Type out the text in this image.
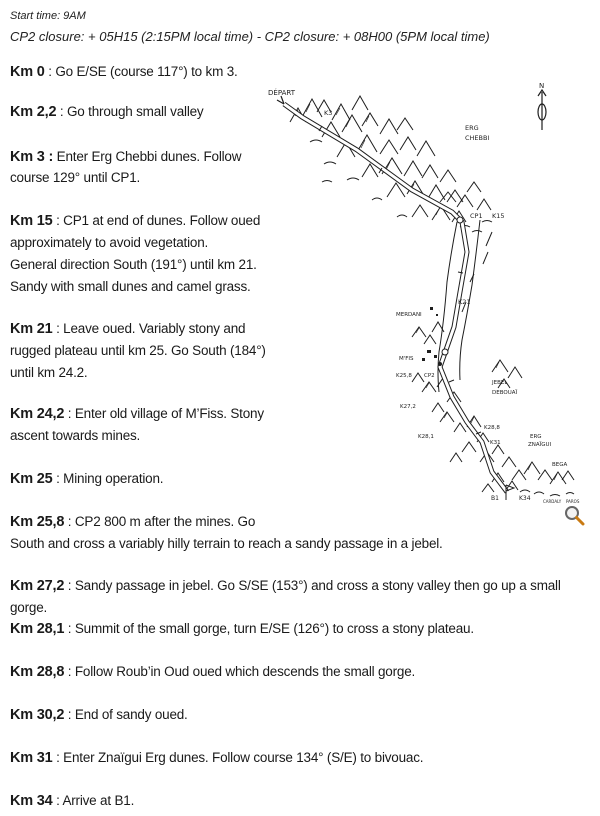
Start time: 9AM
CP2 closure: + 05H15 (2:15PM local time) - CP2 closure: + 08H00 (5PM local time)
Km 0 : Go E/SE (course 117°) to km 3.
Km 2,2 : Go through small valley
Km 3 : Enter Erg Chebbi dunes. Follow
course 129° until CP1.
Km 15 : CP1 at end of dunes. Follow oued
approximately to avoid vegetation.
General direction South (191°) until km 21.
Sandy with small dunes and camel grass.
Km 21 : Leave oued. Variably stony and
rugged plateau until km 25. Go South (184°)
until km 24.2.
Km 24,2 : Enter old village of M’Fiss. Stony
ascent towards mines.
Km 25 : Mining operation.
Km 25,8 : CP2 800 m after the mines. Go
South and cross a variably hilly terrain to reach a sandy passage in a jebel.
Km 27,2 : Sandy passage in jebel. Go S/SE (153°) and cross a stony valley then go up a small gorge.
Km 28,1 : Summit of the small gorge, turn E/SE (126°) to cross a stony plateau.
Km 28,8 : Follow Roub’in Oud oued which descends the small gorge.
Km 30,2 : End of sandy oued.
Km 31 : Enter Znaïgui Erg dunes. Follow course 134° (S/E) to bivouac.
Km 34 : Arrive at B1.
DÉPART
N
ERG
CHEBBI
K3
K15
CP1
K21
MERDANI
M'FIS
K25,8 CP2
JEBEL
DEBOUAÏ
K27,2
K28,1
K28,8
K31
ERG
ZNAÏGUI
BEGA
B1	K34	CARDALY PAROS
